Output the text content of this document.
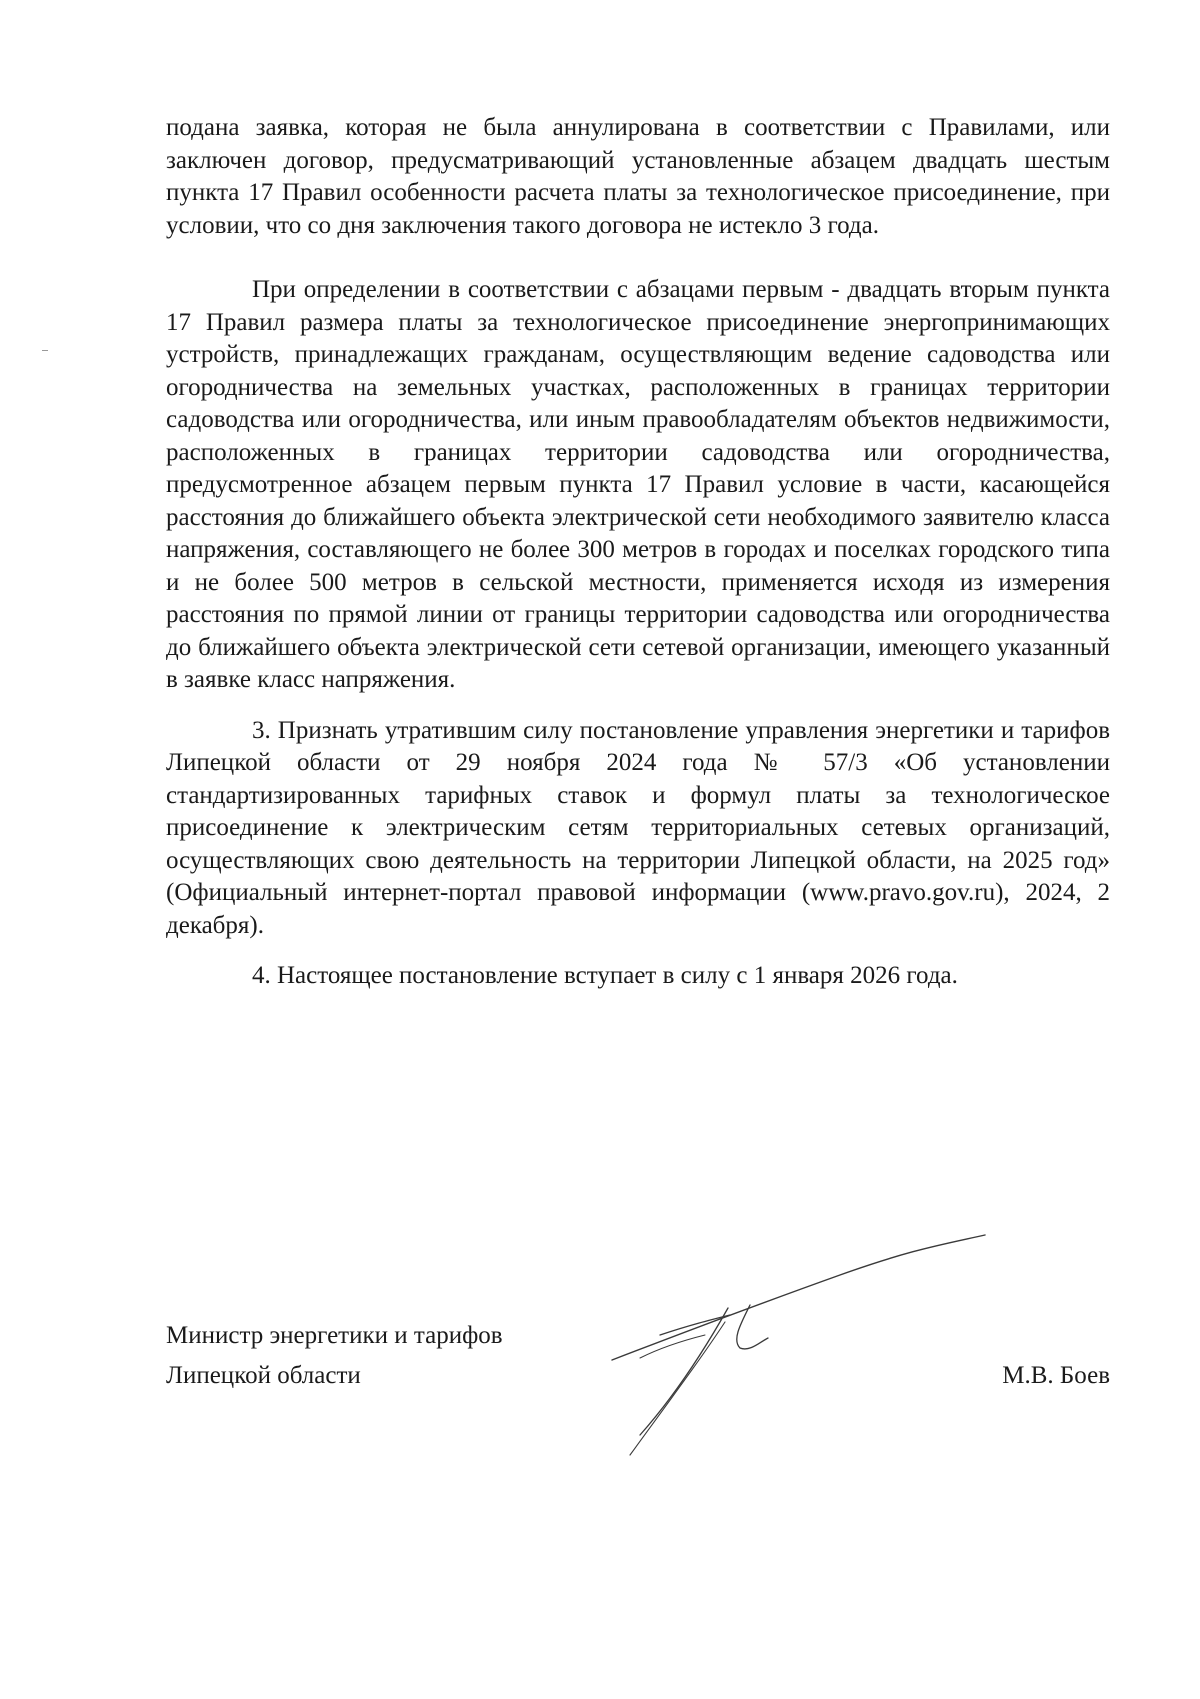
подана заявка, которая не была аннулирована в соответствии с Правилами, или заключен договор, предусматривающий установленные абзацем двадцать шестым пункта 17 Правил особенности расчета платы за технологическое присоединение, при условии, что со дня заключения такого договора не истекло 3 года.

При определении в соответствии с абзацами первым - двадцать вторым пункта 17 Правил размера платы за технологическое присоединение энергопринимающих устройств, принадлежащих гражданам, осуществляющим ведение садоводства или огородничества на земельных участках, расположенных в границах территории садоводства или огородничества, или иным правообладателям объектов недвижимости, расположенных в границах территории садоводства или огородничества, предусмотренное абзацем первым пункта 17 Правил условие в части, касающейся расстояния до ближайшего объекта электрической сети необходимого заявителю класса напряжения, составляющего не более 300 метров в городах и поселках городского типа и не более 500 метров в сельской местности, применяется исходя из измерения расстояния по прямой линии от границы территории садоводства или огородничества до ближайшего объекта электрической сети сетевой организации, имеющего указанный в заявке класс напряжения.

3. Признать утратившим силу постановление управления энергетики и тарифов Липецкой области от 29 ноября 2024 года № 57/3 «Об установлении стандартизированных тарифных ставок и формул платы за технологическое присоединение к электрическим сетям территориальных сетевых организаций, осуществляющих свою деятельность на территории Липецкой области, на 2025 год» (Официальный интернет-портал правовой информации (www.pravo.gov.ru), 2024, 2 декабря).

4. Настоящее постановление вступает в силу с 1 января 2026 года.

Министр энергетики и тарифов
Липецкой области	М.В. Боев
